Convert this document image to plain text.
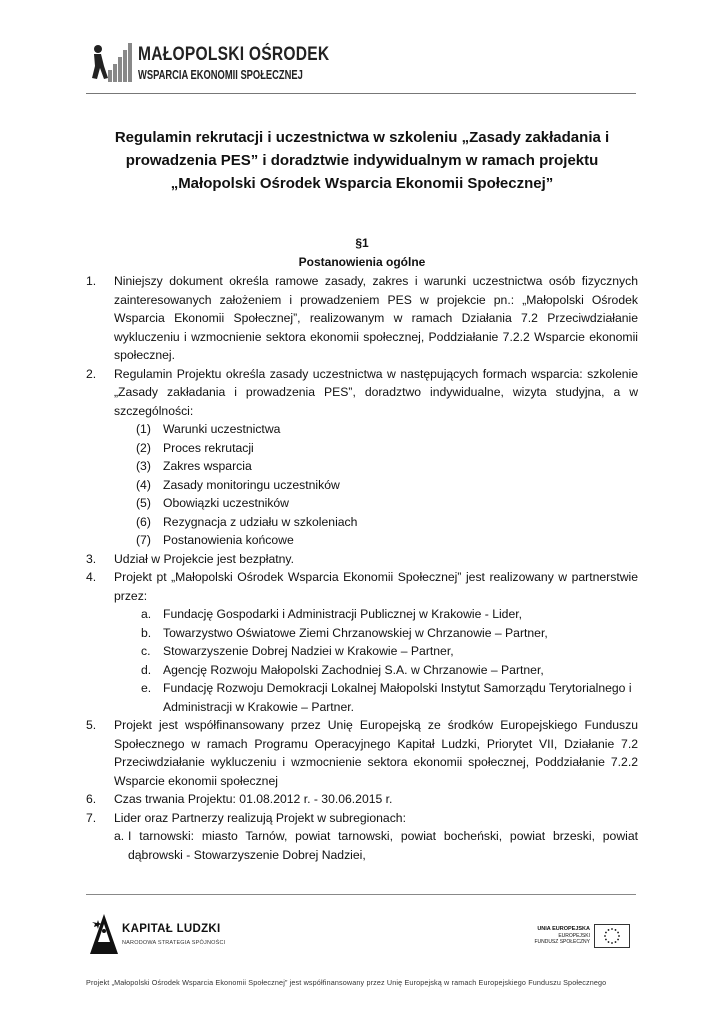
MAŁOPOLSKI OŚRODEK
WSPARCIA EKONOMII SPOŁECZNEJ
Regulamin rekrutacji i uczestnictwa w szkoleniu „Zasady zakładania i
prowadzenia PES” i doradztwie indywidualnym w ramach projektu
„Małopolski Ośrodek Wsparcia Ekonomii Społecznej”
§1
Postanowienia ogólne
1.	Niniejszy dokument określa ramowe zasady, zakres i warunki uczestnictwa osób fizycznych zainteresowanych założeniem i prowadzeniem PES w projekcie pn.: „Małopolski Ośrodek Wsparcia Ekonomii Społecznej”, realizowanym w ramach Działania 7.2 Przeciwdziałanie wykluczeniu i wzmocnienie sektora ekonomii społecznej, Poddziałanie 7.2.2 Wsparcie ekonomii społecznej.
2.	Regulamin Projektu określa zasady uczestnictwa w następujących formach wsparcia: szkolenie „Zasady zakładania i prowadzenia PES”, doradztwo indywidualne, wizyta studyjna, a w szczególności:
(1) Warunki uczestnictwa
(2) Proces rekrutacji
(3) Zakres wsparcia
(4) Zasady monitoringu uczestników
(5) Obowiązki uczestników
(6) Rezygnacja z udziału w szkoleniach
(7) Postanowienia końcowe
3.	Udział w Projekcie jest bezpłatny.
4.	Projekt pt „Małopolski Ośrodek Wsparcia Ekonomii Społecznej” jest realizowany w partnerstwie przez:
a. Fundację Gospodarki i Administracji Publicznej w Krakowie - Lider,
b. Towarzystwo Oświatowe Ziemi Chrzanowskiej w Chrzanowie – Partner,
c.	Stowarzyszenie Dobrej Nadziei w Krakowie – Partner,
d. Agencję Rozwoju Małopolski Zachodniej S.A. w Chrzanowie – Partner,
e. Fundację Rozwoju Demokracji Lokalnej Małopolski Instytut Samorządu Terytorialnego i Administracji w Krakowie – Partner.
5.	Projekt jest współfinansowany przez Unię Europejską ze środków Europejskiego Funduszu Społecznego w ramach Programu Operacyjnego Kapitał Ludzki, Priorytet VII, Działanie 7.2 Przeciwdziałanie wykluczeniu i wzmocnienie sektora ekonomii społecznej, Poddziałanie 7.2.2 Wsparcie ekonomii społecznej
6.	Czas trwania Projektu: 01.08.2012 r. - 30.06.2015 r.
7.	Lider oraz Partnerzy realizują Projekt w subregionach:
a. I tarnowski: miasto Tarnów, powiat tarnowski, powiat bocheński, powiat brzeski, powiat dąbrowski - Stowarzyszenie Dobrej Nadziei,
KAPITAŁ LUDZKI
NARODOWA STRATEGIA SPÓJNOŚCI
UNIA EUROPEJSKA
EUROPEJSKI
FUNDUSZ SPOŁECZNY
Projekt „Małopolski Ośrodek Wsparcia Ekonomii Społecznej” jest współfinansowany przez Unię Europejską w ramach Europejskiego Funduszu Społecznego
